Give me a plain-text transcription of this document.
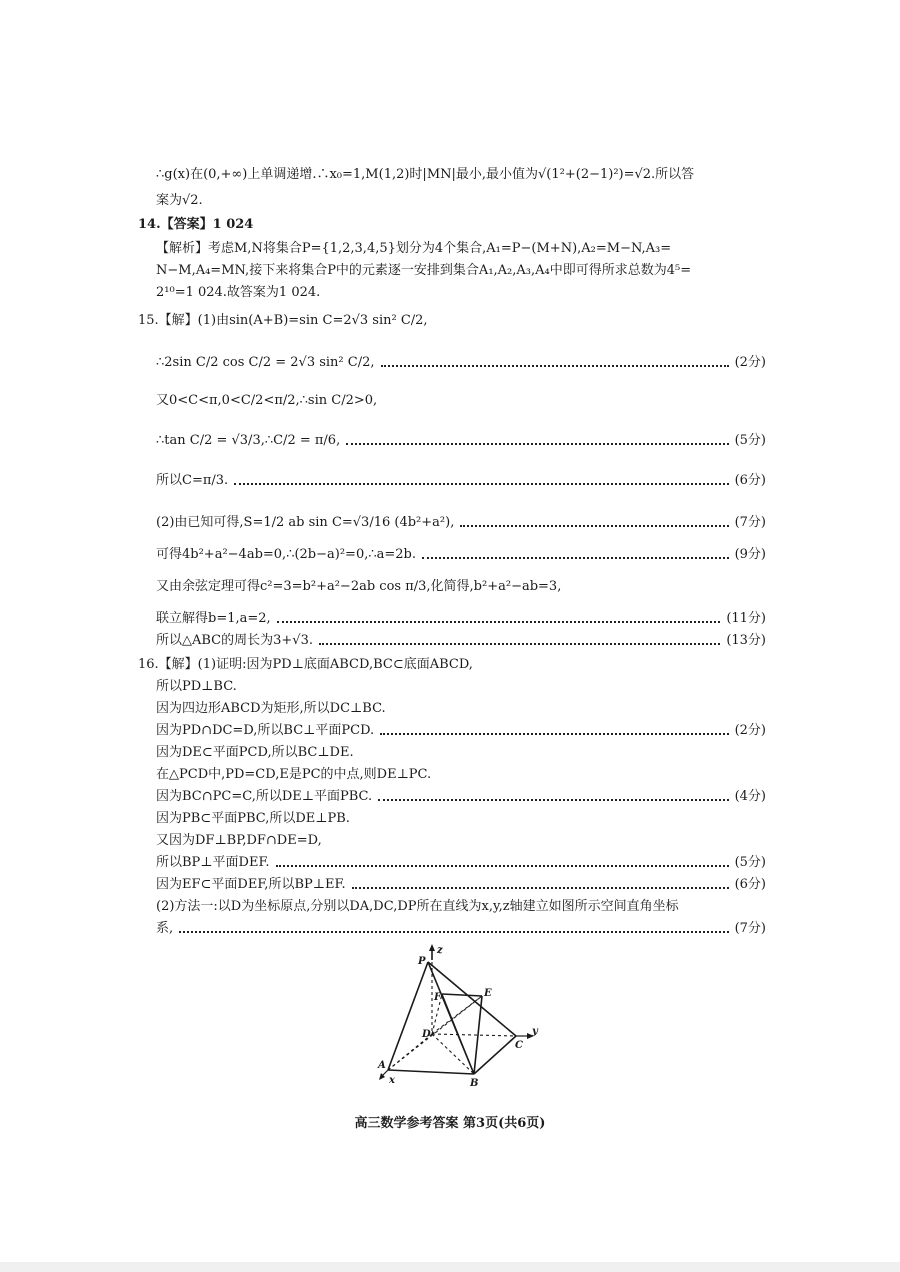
∴g(x)在(0,+∞)上单调递增.∴x₀=1,M(1,2)时|MN|最小,最小值为√(1²+(2−1)²)=√2.所以答
案为√2.
14.【答案】1 024
【解析】考虑M,N将集合P={1,2,3,4,5}划分为4个集合,A₁=P−(M+N),A₂=M−N,A₃=
N−M,A₄=MN,接下来将集合P中的元素逐一安排到集合A₁,A₂,A₃,A₄中即可得所求总数为4⁵=
2¹⁰=1 024.故答案为1 024.
15.【解】(1)由sin(A+B)=sin C=2√3 sin² C/2,
∴2sin C/2 cos C/2 = 2√3 sin² C/2,	(2分)
又0<C<π,0<C/2<π/2,∴sin C/2>0,
∴tan C/2 = √3/3,∴C/2 = π/6,	(5分)
所以C=π/3.	(6分)
(2)由已知可得,S=1/2 ab sin C=√3/16 (4b²+a²),	(7分)
可得4b²+a²−4ab=0,∴(2b−a)²=0,∴a=2b.	(9分)
又由余弦定理可得c²=3=b²+a²−2ab cos π/3,化简得,b²+a²−ab=3,
联立解得b=1,a=2,	(11分)
所以△ABC的周长为3+√3.	(13分)
16.【解】(1)证明:因为PD⊥底面ABCD,BC⊂底面ABCD,
所以PD⊥BC.
因为四边形ABCD为矩形,所以DC⊥BC.
因为PD∩DC=D,所以BC⊥平面PCD.	(2分)
因为DE⊂平面PCD,所以BC⊥DE.
在△PCD中,PD=CD,E是PC的中点,则DE⊥PC.
因为BC∩PC=C,所以DE⊥平面PBC.	(4分)
因为PB⊂平面PBC,所以DE⊥PB.
又因为DF⊥BP,DF∩DE=D,
所以BP⊥平面DEF.	(5分)
因为EF⊂平面DEF,所以BP⊥EF.	(6分)
(2)方法一:以D为坐标原点,分别以DA,DC,DP所在直线为x,y,z轴建立如图所示空间直角坐标
系,	(7分)
z
P
F	E
D
C
y
A
x	B
高三数学参考答案 第3页(共6页)
